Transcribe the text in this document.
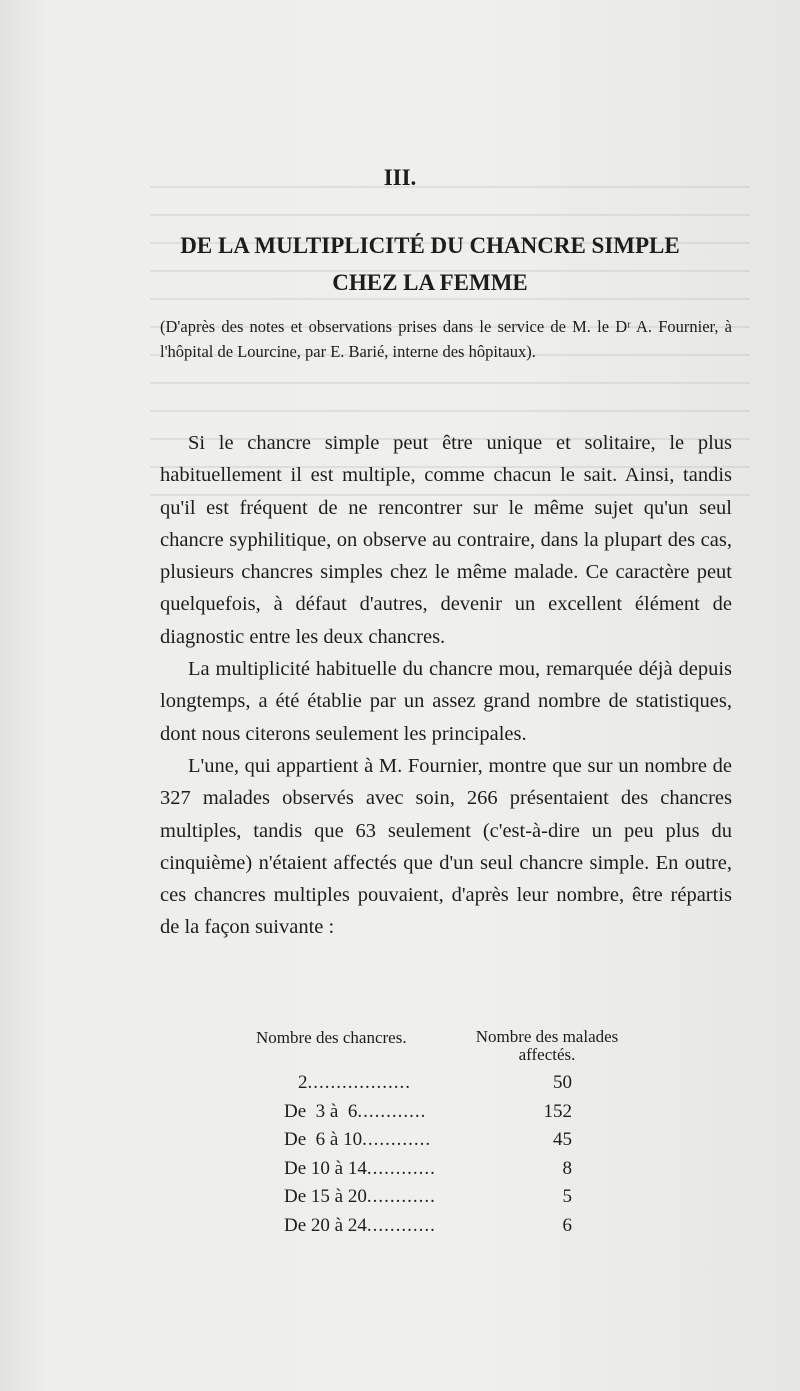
III.
DE LA MULTIPLICITÉ DU CHANCRE SIMPLE
CHEZ LA FEMME
(D'après des notes et observations prises dans le service de M. le Dʳ A. Fournier, à l'hôpital de Lourcine, par E. Barié, interne des hôpitaux).

Si le chancre simple peut être unique et solitaire, le plus habituellement il est multiple, comme chacun le sait. Ainsi, tandis qu'il est fréquent de ne rencontrer sur le même sujet qu'un seul chancre syphilitique, on observe au contraire, dans la plupart des cas, plusieurs chancres simples chez le même malade. Ce caractère peut quelquefois, à défaut d'autres, devenir un excellent élément de diagnostic entre les deux chancres.

La multiplicité habituelle du chancre mou, remarquée déjà depuis longtemps, a été établie par un assez grand nombre de statistiques, dont nous citerons seulement les principales.

L'une, qui appartient à M. Fournier, montre que sur un nombre de 327 malades observés avec soin, 266 présentaient des chancres multiples, tandis que 63 seulement (c'est-à-dire un peu plus du cinquième) n'étaient affectés que d'un seul chancre simple. En outre, ces chancres multiples pouvaient, d'après leur nombre, être répartis de la façon suivante :

Nombre des chancres.	Nombre des malades affectés.
2..................	50
De  3 à  6............	152
De  6 à 10............	45
De 10 à 14............	8
De 15 à 20............	5
De 20 à 24............	6
